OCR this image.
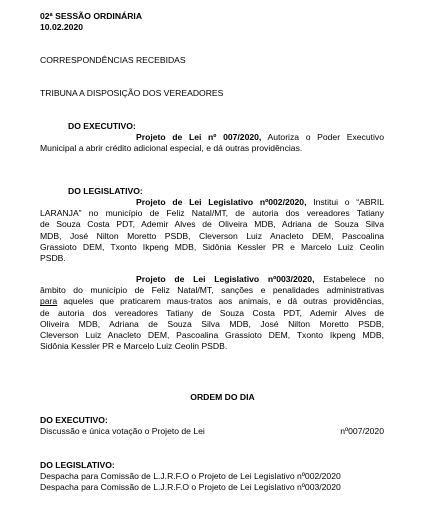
02ª SESSÃO ORDINÁRIA
10.02.2020
CORRESPONDÊNCIAS RECEBIDAS
TRIBUNA A DISPOSIÇÃO DOS VEREADORES
DO EXECUTIVO:
Projeto de Lei nº 007/2020, Autoriza o Poder Executivo
Municipal a abrir crédito adicional especial, e dá outras providências.
DO LEGISLATIVO:
Projeto de Lei Legislativo nº002/2020, Institui o “ABRIL
LARANJA” no município de Feliz Natal/MT, de autoria dos vereadores Tatiany
de Souza Costa PDT, Ademir Alves de Oliveira MDB, Adriana de Souza Silva
MDB, José Nilton Moretto PSDB, Cleverson Luiz Anacleto DEM, Pascoalina
Grassioto DEM, Txonto Ikpeng MDB, Sidônia Kessler PR e Marcelo Luiz Ceolin
PSDB.
Projeto de Lei Legislativo nº003/2020, Estabelece no
âmbito do município de Feliz Natal/MT, sanções e penalidades administrativas
para aqueles que praticarem maus-tratos aos animais, e dá outras providências,
de autoria dos vereadores Tatiany de Souza Costa PDT, Ademir Alves de
Oliveira MDB, Adriana de Souza Silva MDB, José Nilton Moretto PSDB,
Cleverson Luiz Anacleto DEM, Pascoalina Grassioto DEM, Txonto Ikpeng MDB,
Sidônia Kessler PR e Marcelo Luiz Ceolin PSDB.
ORDEM DO DIA
DO EXECUTIVO:
Discussão e única votação o Projeto de Lei	nº007/2020
DO LEGISLATIVO:
Despacha para Comissão de L.J.R.F.O o Projeto de Lei Legislativo nº002/2020
Despacha para Comissão de L.J.R.F.O o Projeto de Lei Legislativo nº003/2020
